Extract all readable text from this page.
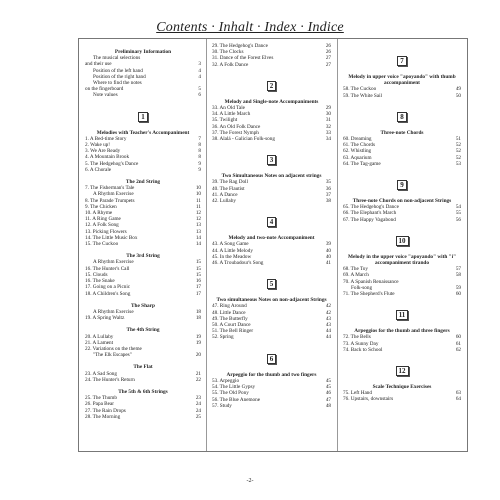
Contents · Inhalt · Index · Indice
Preliminary Information
The musical selections
and their use	3
Position of the left hand	4
Position of the right hand	4
Where to find the notes
on the fingerboard	5
Note values	6
1
Melodies with Teacher's Accompaniment
1. A Bed-time Story	7
2. Wake up!	8
3. We Are Ready	8
4. A Mountain Brook	8
5. The Hedgehog's Dance	9
6. A Chorale	9
The 2nd String
7. The Fisherman's Tale	10
A Rhythm Exercise	10
8. The Parade Trumpets	11
9. The Chicken	11
10. A Rhyme	12
11. A Ring Game	12
12. A Folk Song	13
13. Picking Flowers	13
14. The Little Music Box	14
15. The Cuckoo	14
The 3rd String
A Rhythm Exercise	15
16. The Hunter's Call	15
15. Clouds	15
16. The Snake	16
17. Going on a Picnic	17
18. A Children's Song	17
The Sharp
A Rhythm Exercise	18
19. A Spring Waltz	18
The 4th String
20. A Lullaby	19
21. A Lament	19
22. Variations on the theme
"The Elk Escapes"	20
The Flat
23. A Sad Song	21
24. The Hunter's Return	22
The 5th & 6th Strings
25. The Thumb	23
26. Papa Bear	24
27. The Rain Drops	24
28. The Morning	25
29. The Hedgehog's Dance	26
30. The Clocks	26
31. Dance of the Forest Elves	27
32. A Folk Dance	27
2
Melody and Single-note Accompaniments
33. An Old Tale	29
34. A Little March	30
35. Twilight	31
36. An Old Folk Dance	32
37. The Forest Nymph	33
38. Alalá - Galician Folk-song	34
3
Two Simultaneous Notes on adjacent strings
39. The Rag Doll	35
40. The Flautist	36
41. A Dance	37
42. Lullaby	38
4
Melody and two-note Accompaniment
43. A Song Game	39
44. A Little Melody	40
45. In the Meadow	40
46. A Troubadour's Song	41
5
Two simultaneous Notes on non-adjacent Strings
47. Ring Around	42
48. Little Dance	42
49. The Butterfly	43
50. A Court Dance	43
51. The Bell Ringer	44
52. Spring	44
6
Arpeggio for the thumb and two fingers
53. Arpeggio	45
54. The Little Gypsy	45
55. The Old Pony	46
56. The Blue Anemone	47
57. Study	48
7
Melody in upper voice "apoyando" with thumb accompaniment
58. The Cuckoo	49
59. The White Sail	50
8
Three-note Chords
60. Dreaming	51
61. The Chords	52
62. Whistling	52
63. Aquarium	52
64. The Tag-game	53
9
Three-note Chords on non-adjacent Strings
65. The Hedgehog's Dance	54
66. The Elephant's March	55
67. The Happy Vagabond	56
10
Melody in the upper voice "apoyando" with "i" accompaniment tirando
68. The Toy	57
69. A March	58
70. A Spanish Renaissance
Folk-song	59
71. The Shepherd's Flute	60
11
Arpeggios for the thumb and three fingers
72. The Bells	60
73. A Sunny Day	61
74. Back to School	62
12
Scale Technique Exercises
75. Left Hand	63
76. Upstairs, downstairs	64
-2-
